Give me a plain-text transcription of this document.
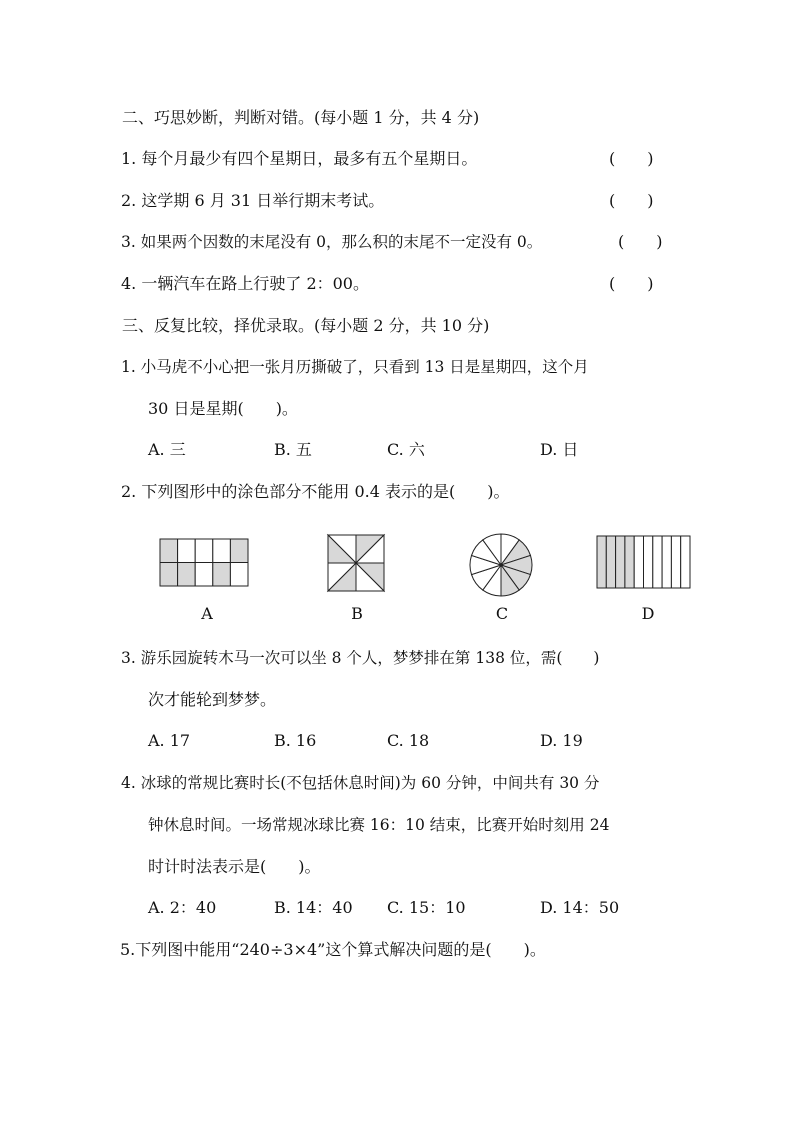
二、巧思妙断，判断对错。(每小题 1 分，共 4 分)
1. 每个月最少有四个星期日，最多有五个星期日。	(　　)
2. 这学期 6 月 31 日举行期末考试。	(　　)
3. 如果两个因数的末尾没有 0，那么积的末尾不一定没有 0。	(　　)
4. 一辆汽车在路上行驶了 2：00。	(　　)
三、反复比较，择优录取。(每小题 2 分，共 10 分)
1. 小马虎不小心把一张月历撕破了，只看到 13 日是星期四，这个月
30 日是星期(　　)。
A. 三	B. 五	C. 六	D. 日
2. 下列图形中的涂色部分不能用 0.4 表示的是(　　)。
A	B	C	D
3. 游乐园旋转木马一次可以坐 8 个人，梦梦排在第 138 位，需(　　)
次才能轮到梦梦。
A. 17	B. 16	C. 18	D. 19
4. 冰球的常规比赛时长(不包括休息时间)为 60 分钟，中间共有 30 分
钟休息时间。一场常规冰球比赛 16：10 结束，比赛开始时刻用 24
时计时法表示是(　　)。
A. 2：40	B. 14：40 C. 15：10	D. 14：50
5.下列图中能用“240÷3×4”这个算式解决问题的是(　　)。
